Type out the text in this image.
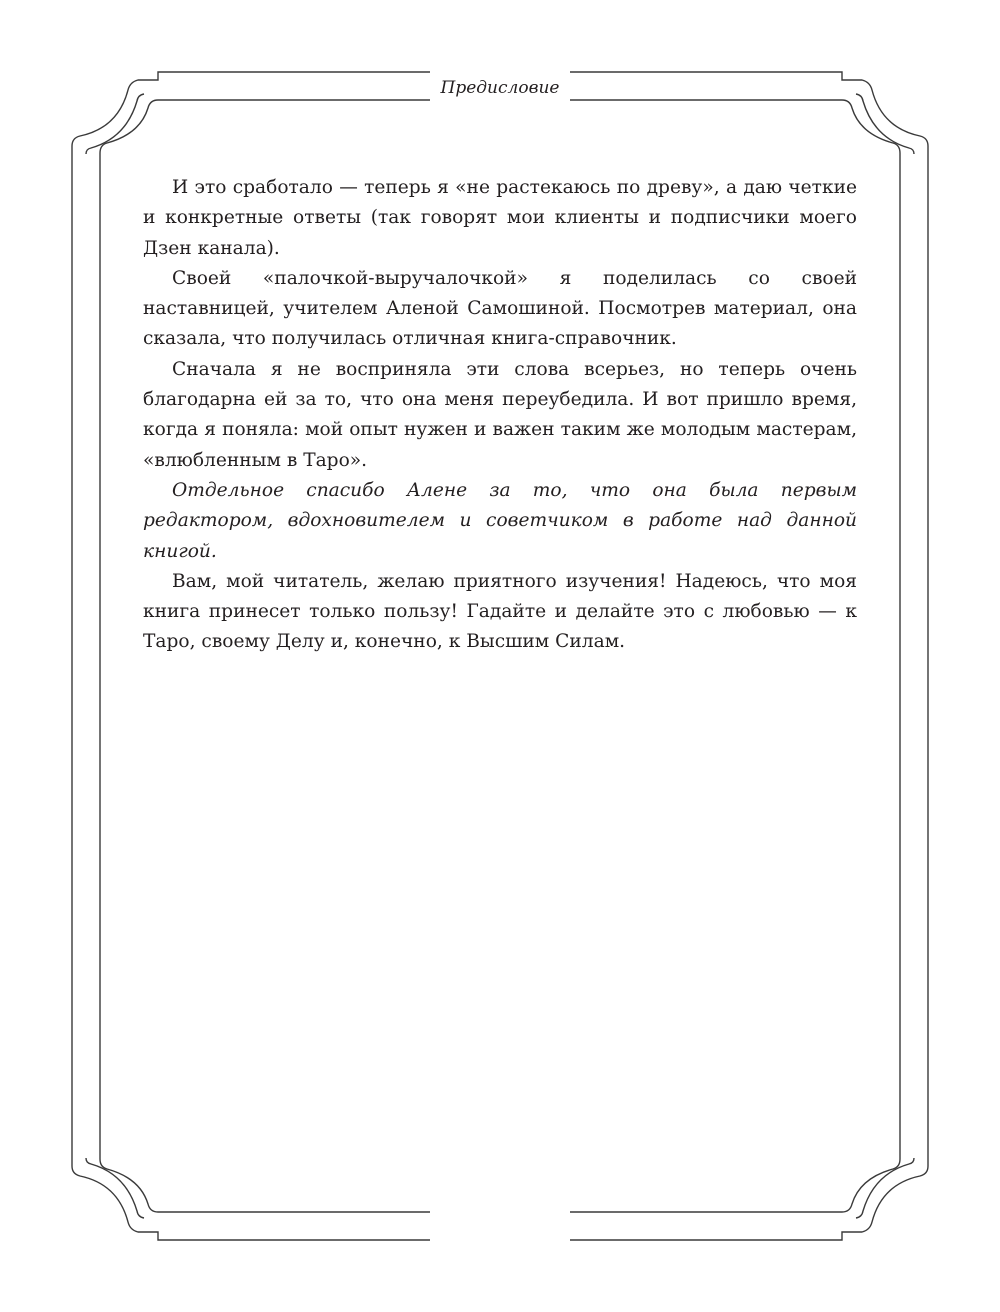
Предисловие

И это сработало — теперь я «не растекаюсь по древу», а даю четкие и конкретные ответы (так говорят мои клиенты и подписчики моего Дзен канала).

Своей «палочкой-выручалочкой» я поделилась со своей наставницей, учителем Аленой Самошиной. Посмотрев материал, она сказала, что получилась отличная книга-справочник.

Сначала я не восприняла эти слова всерьез, но теперь очень благодарна ей за то, что она меня переубедила. И вот пришло время, когда я поняла: мой опыт нужен и важен таким же молодым мастерам, «влюбленным в Таро».

Отдельное спасибо Алене за то, что она была первым редактором, вдохновителем и советчиком в работе над данной книгой.

Вам, мой читатель, желаю приятного изучения! Надеюсь, что моя книга принесет только пользу! Гадайте и делайте это с любовью — к Таро, своему Делу и, конечно, к Высшим Силам.
